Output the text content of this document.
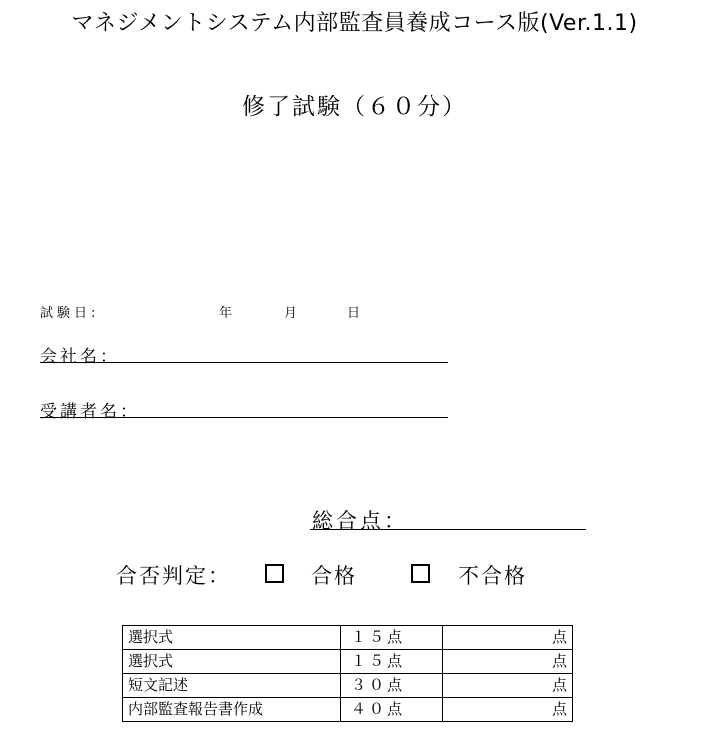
マネジメントシステム内部監査員養成コース版(Ver.1.1)
修了試験（６０分）
試験日:	年	月	日
会社名：
受講者名：
総合点：
合否判定：	合格	不合格
選択式	１５点	点
選択式	１５点	点
短文記述	３０点	点
内部監査報告書作成	４０点	点
